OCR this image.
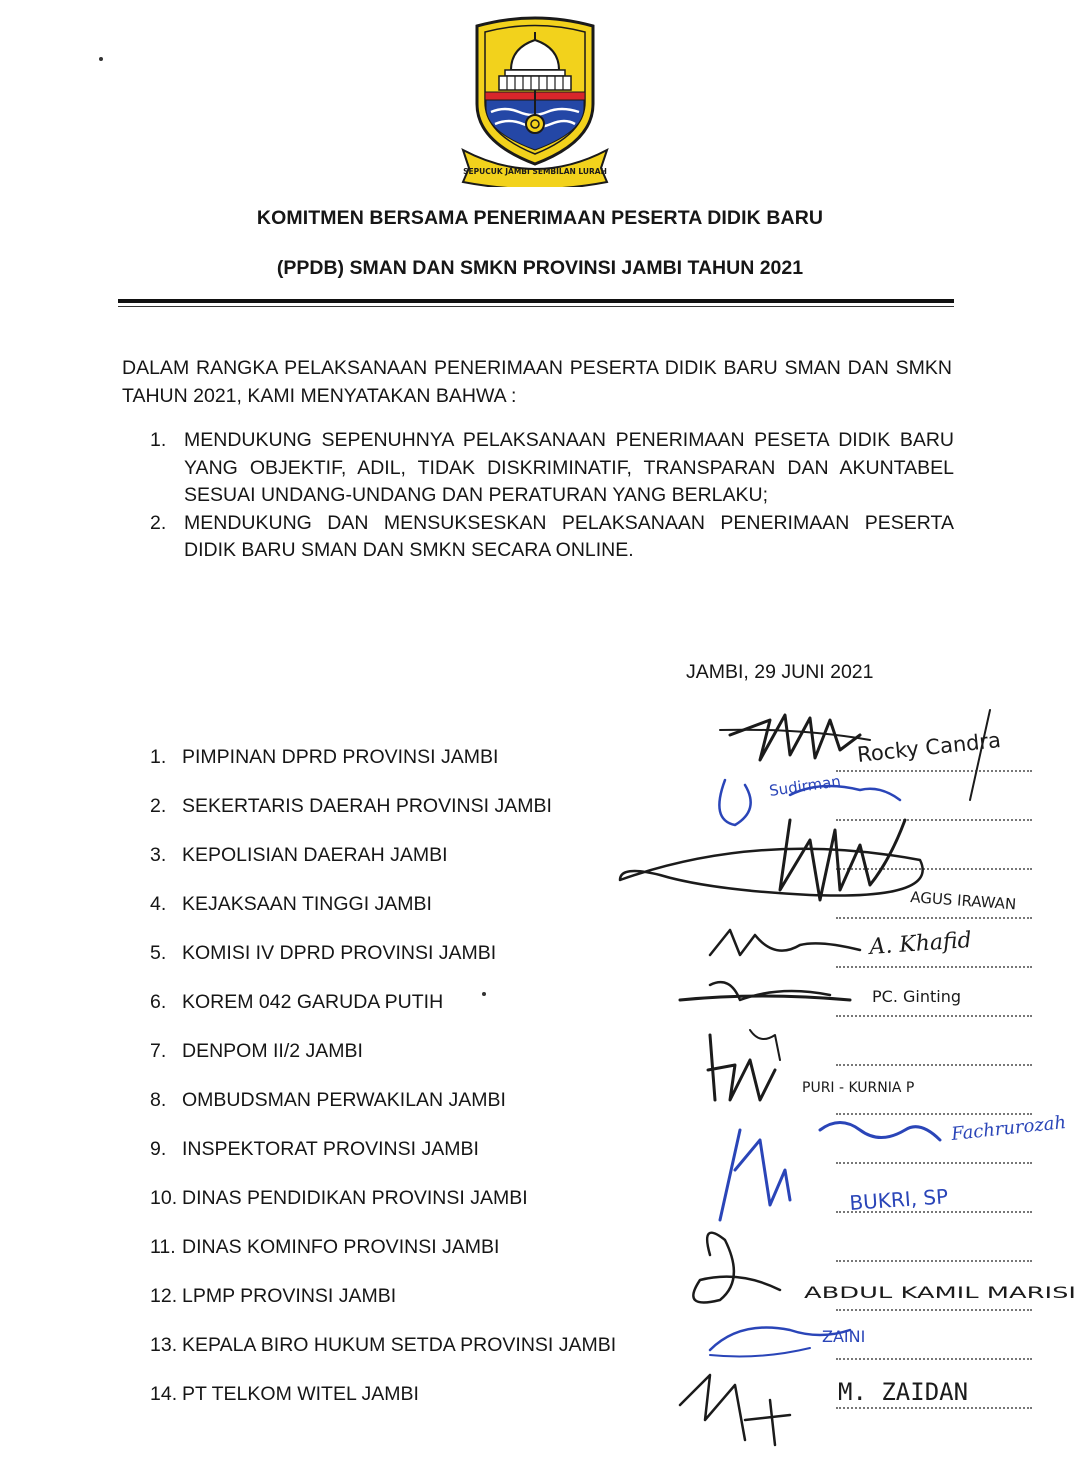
SEPUCUK JAMBI SEMBILAN LURAH
KOMITMEN BERSAMA PENERIMAAN PESERTA DIDIK BARU
(PPDB) SMAN DAN SMKN PROVINSI JAMBI TAHUN 2021
DALAM RANGKA PELAKSANAAN PENERIMAAN PESERTA DIDIK BARU SMAN DAN SMKN TAHUN 2021, KAMI MENYATAKAN BAHWA :
1. MENDUKUNG SEPENUHNYA PELAKSANAAN PENERIMAAN PESETA DIDIK BARU YANG OBJEKTIF, ADIL, TIDAK DISKRIMINATIF, TRANSPARAN DAN AKUNTABEL SESUAI UNDANG-UNDANG DAN PERATURAN YANG BERLAKU;
2. MENDUKUNG DAN MENSUKSESKAN PELAKSANAAN PENERIMAAN PESERTA DIDIK BARU SMAN DAN SMKN SECARA ONLINE.
JAMBI, 29 JUNI 2021
1. PIMPINAN DPRD PROVINSI JAMBI
2. SEKERTARIS DAERAH PROVINSI JAMBI
3. KEPOLISIAN DAERAH JAMBI
4. KEJAKSAAN TINGGI JAMBI
5. KOMISI IV DPRD PROVINSI JAMBI
6. KOREM 042 GARUDA PUTIH
7. DENPOM II/2 JAMBI
8. OMBUDSMAN PERWAKILAN JAMBI
9. INSPEKTORAT PROVINSI JAMBI
10. DINAS PENDIDIKAN PROVINSI JAMBI
11. DINAS KOMINFO PROVINSI JAMBI
12. LPMP PROVINSI JAMBI
13. KEPALA BIRO HUKUM SETDA PROVINSI JAMBI
14. PT TELKOM WITEL JAMBI
Rocky Candra
Sudirman
AGUS IRAWAN
A. Khafid
PC. Ginting
PURI - KURNIA P
Fachrurozah
BUKRI, SP
ABDUL KAMIL MARISI
ZAINI
M. ZAIDAN
